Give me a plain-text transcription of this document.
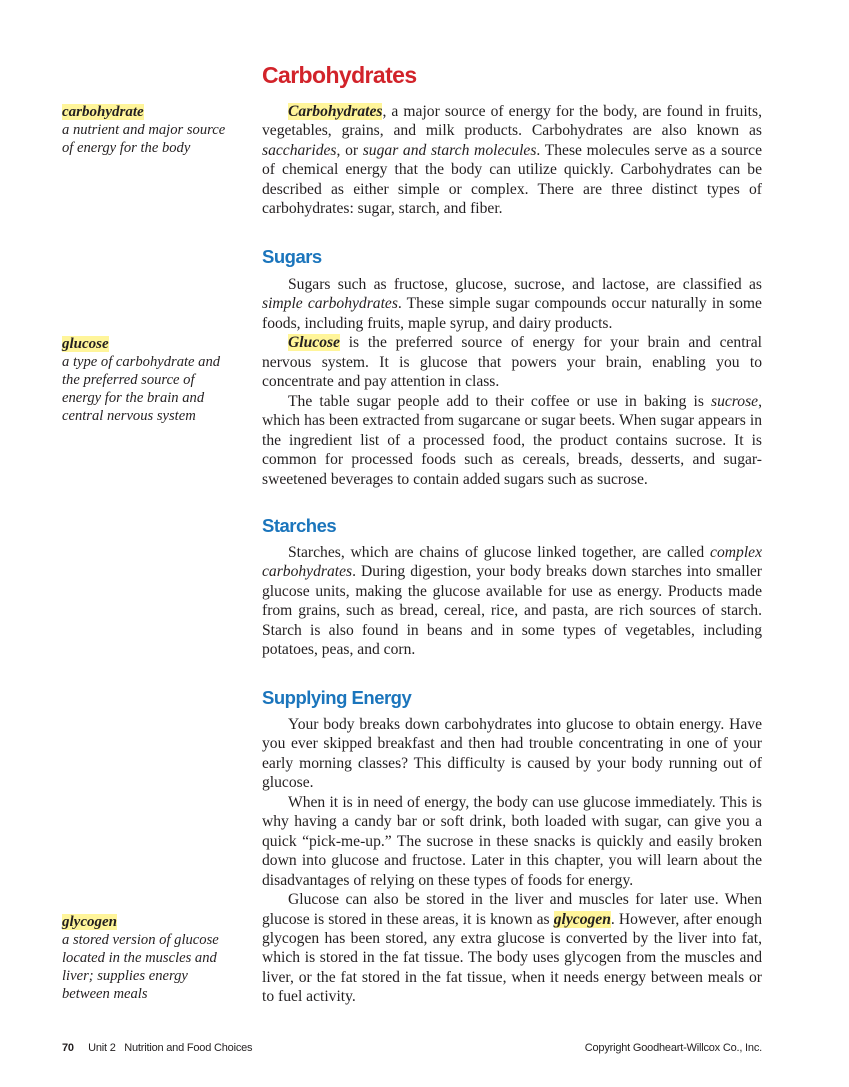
Carbohydrates
carbohydrate
a nutrient and major source of energy for the body
glucose
a type of carbohydrate and the preferred source of energy for the brain and central nervous system
glycogen
a stored version of glucose located in the muscles and liver; supplies energy between meals

Carbohydrates, a major source of energy for the body, are found in fruits, vegetables, grains, and milk products. Carbohydrates are also known as saccharides, or sugar and starch molecules. These molecules serve as a source of chemical energy that the body can utilize quickly. Carbohydrates can be described as either simple or complex. There are three distinct types of carbohydrates: sugar, starch, and fiber.

Sugars

Sugars such as fructose, glucose, sucrose, and lactose, are classified as simple carbohydrates. These simple sugar compounds occur naturally in some foods, including fruits, maple syrup, and dairy products.

Glucose is the preferred source of energy for your brain and central nervous system. It is glucose that powers your brain, enabling you to concentrate and pay attention in class.

The table sugar people add to their coffee or use in baking is sucrose, which has been extracted from sugarcane or sugar beets. When sugar appears in the ingredient list of a processed food, the product contains sucrose. It is common for processed foods such as cereals, breads, desserts, and sugar-sweetened beverages to contain added sugars such as sucrose.

Starches

Starches, which are chains of glucose linked together, are called complex carbohydrates. During digestion, your body breaks down starches into smaller glucose units, making the glucose available for use as energy. Products made from grains, such as bread, cereal, rice, and pasta, are rich sources of starch. Starch is also found in beans and in some types of vegetables, including potatoes, peas, and corn.

Supplying Energy

Your body breaks down carbohydrates into glucose to obtain energy. Have you ever skipped breakfast and then had trouble concentrating in one of your early morning classes? This difficulty is caused by your body running out of glucose.

When it is in need of energy, the body can use glucose immediately. This is why having a candy bar or soft drink, both loaded with sugar, can give you a quick “pick-me-up.” The sucrose in these snacks is quickly and easily broken down into glucose and fructose. Later in this chapter, you will learn about the disadvantages of relying on these types of foods for energy.

Glucose can also be stored in the liver and muscles for later use. When glucose is stored in these areas, it is known as glycogen. However, after enough glycogen has been stored, any extra glucose is converted by the liver into fat, which is stored in the fat tissue. The body uses glycogen from the muscles and liver, or the fat stored in the fat tissue, when it needs energy between meals or to fuel activity.

70 Unit 2 Nutrition and Food Choices	Copyright Goodheart-Willcox Co., Inc.
